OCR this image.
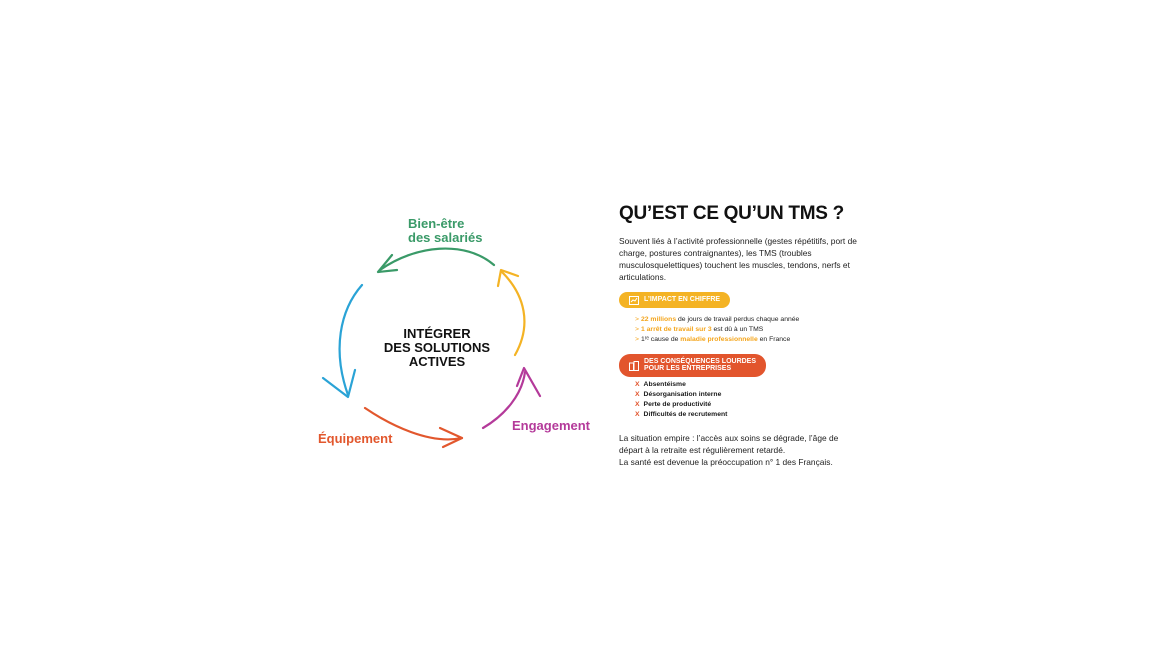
INTÉGRER
DES SOLUTIONS
ACTIVES
Bien-être
des salariés
Équipement
Engagement
QU’EST CE QU’UN TMS ?
Souvent liés à l’activité professionnelle (gestes répétitifs, port de charge, postures contraignantes), les TMS (troubles musculosquelettiques) touchent les muscles, tendons, nerfs et articulations.
L’IMPACT EN CHIFFRE
> 22 millions de jours de travail perdus chaque année
> 1 arrêt de travail sur 3 est dû à un TMS
> 1ʳᵉ cause de maladie professionnelle en France
DES CONSÉQUENCES LOURDES
POUR LES ENTREPRISES
X Absentéisme
X Désorganisation interne
X Perte de productivité
X Difficultés de recrutement
La situation empire : l’accès aux soins se dégrade, l’âge de départ à la retraite est régulièrement retardé.
La santé est devenue la préoccupation n° 1 des Français.
